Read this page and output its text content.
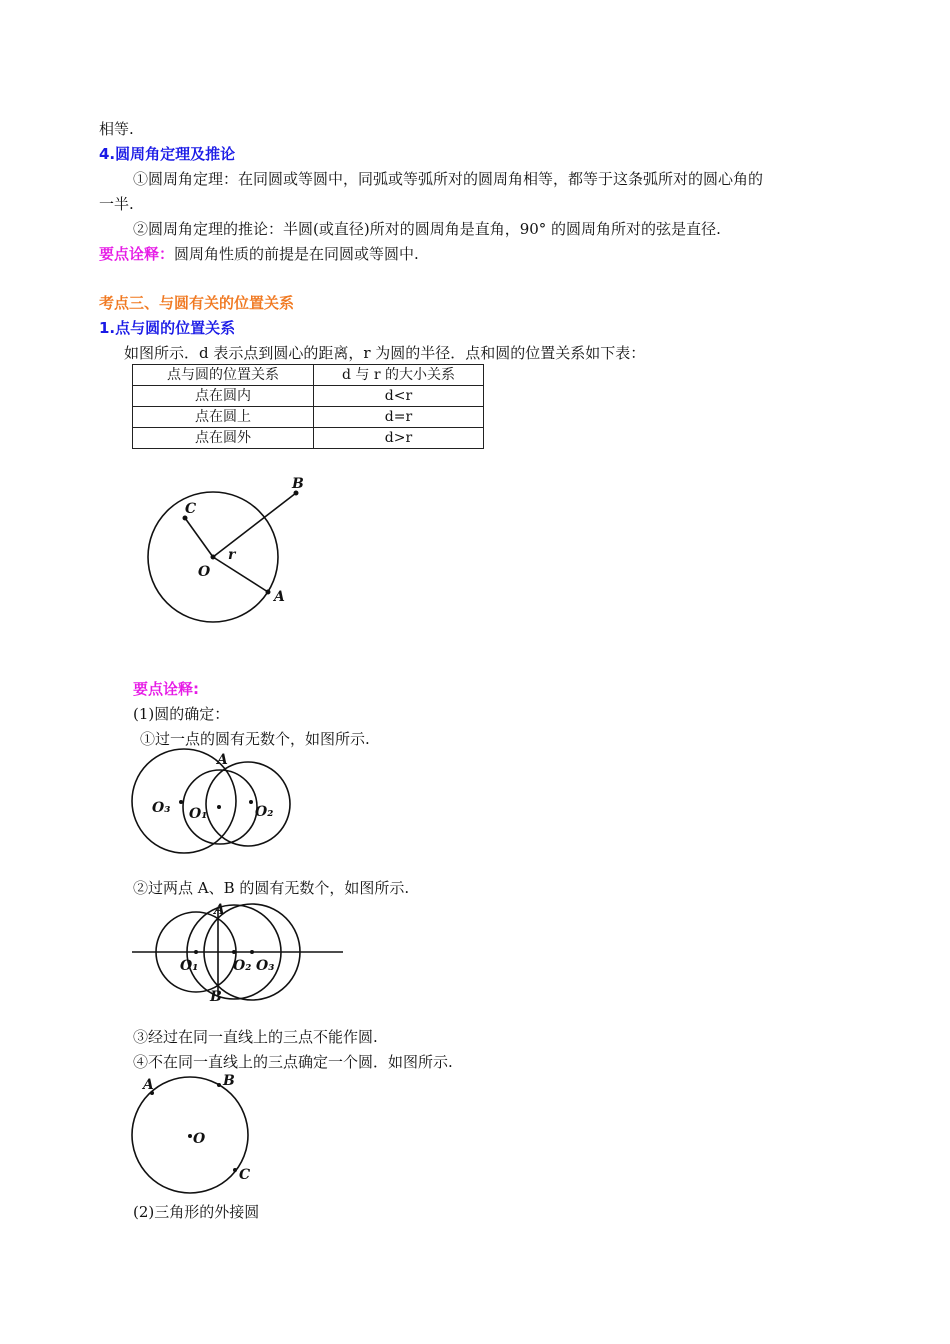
相等.
4.圆周角定理及推论
①圆周角定理：在同圆或等圆中，同弧或等弧所对的圆周角相等，都等于这条弧所对的圆心角的
一半.
②圆周角定理的推论：半圆(或直径)所对的圆周角是直角，90° 的圆周角所对的弦是直径.
要点诠释：圆周角性质的前提是在同圆或等圆中.
考点三、与圆有关的位置关系
1.点与圆的位置关系
如图所示．d 表示点到圆心的距离，r 为圆的半径．点和圆的位置关系如下表：
点与圆的位置关系	d 与 r 的大小关系
点在圆内	d<r
点在圆上	d=r
点在圆外	d>r
B
C
r
O
A
A
O₃ O₁	O₂
A
B
O₁ O₂ O₃
A	B
O
C
要点诠释:
(1)圆的确定：
①过一点的圆有无数个，如图所示.
②过两点 A、B 的圆有无数个，如图所示.
③经过在同一直线上的三点不能作圆.
④不在同一直线上的三点确定一个圆．如图所示.
(2)三角形的外接圆
